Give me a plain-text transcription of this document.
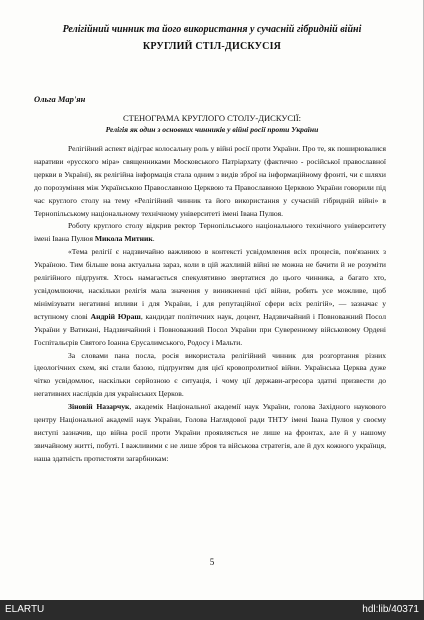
Релігійний чинник та його використання у сучасній гібридній війні
КРУГЛИЙ СТІЛ-ДИСКУСІЯ
Ольга Мар'ян
СТЕНОГРАМА КРУГЛОГО СТОЛУ-ДИСКУСІЇ:
Релігія як один з основних чинників у війні росії проти України

Релігійний аспект відіграє колосальну роль у війні росії проти України. Про те, як поширювалися наративи «русского міра» священниками Московського Патріархату (фактично - російської православної церкви в Україні), як релігійна інформація стала одним з видів зброї на інформаційному фронті, чи є шляхи до порозуміння між Українською Православною Церквою та Православною Церквою України говорили під час круглого столу на тему «Релігійний чинник та його використання у сучасній гібридній війні» в Тернопільському національному технічному університеті імені Івана Пулюя.

Роботу круглого столу відкрив ректор Тернопільського національного технічного університету імені Івана Пулюя Микола Митник.

«Тема релігії є надзвичайно важливою в контексті усвідомлення всіх процесів, пов'язаних з Україною. Тим більше вона актуальна зараз, коли в цій жахливій війні не можна не бачити й не розуміти релігійного підґрунтя. Хтось намагається спекулятивно звертатися до цього чинника, а багато хто, усвідомлюючи, наскільки релігія мала значення у виникненні цієї війни, робить усе можливе, щоб мінімізувати негативні впливи і для України, і для репутаційної сфери всіх релігій», — зазначає у вступному слові Андрій Юраш, кандидат політичних наук, доцент, Надзвичайний і Повноважний Посол України у Ватикані, Надзвичайний і Повноважний Посол України при Суверенному військовому Ордені Госпітальєрів Святого Іоанна Єрусалимського, Родосу і Мальти.

За словами пана посла, росія використала релігійний чинник для розгортання різних ідеологічних схем, які стали базою, підґрунтям для цієї кровопролитної війни. Українська Церква дуже чітко усвідомлює, наскільки серйозною є ситуація, і чому ції держави-агресора здатні призвести до негативних наслідків для українських Церков.

Зіновій Назарчук, академік Національної академії наук України, голова Західного наукового центру Національної академії наук України, Голова Наглядової ради ТНТУ імені Івана Пулюя у своєму виступі зазначив, що війна росії проти України проявляється не лише на фронтах, але й у нашому звичайному житті, побуті. І важливими є не лише зброя та військова стратегія, але й дух кожного українця, наша здатність протистояти загарбникам:

5
ELARTU	hdl:lib/40371
